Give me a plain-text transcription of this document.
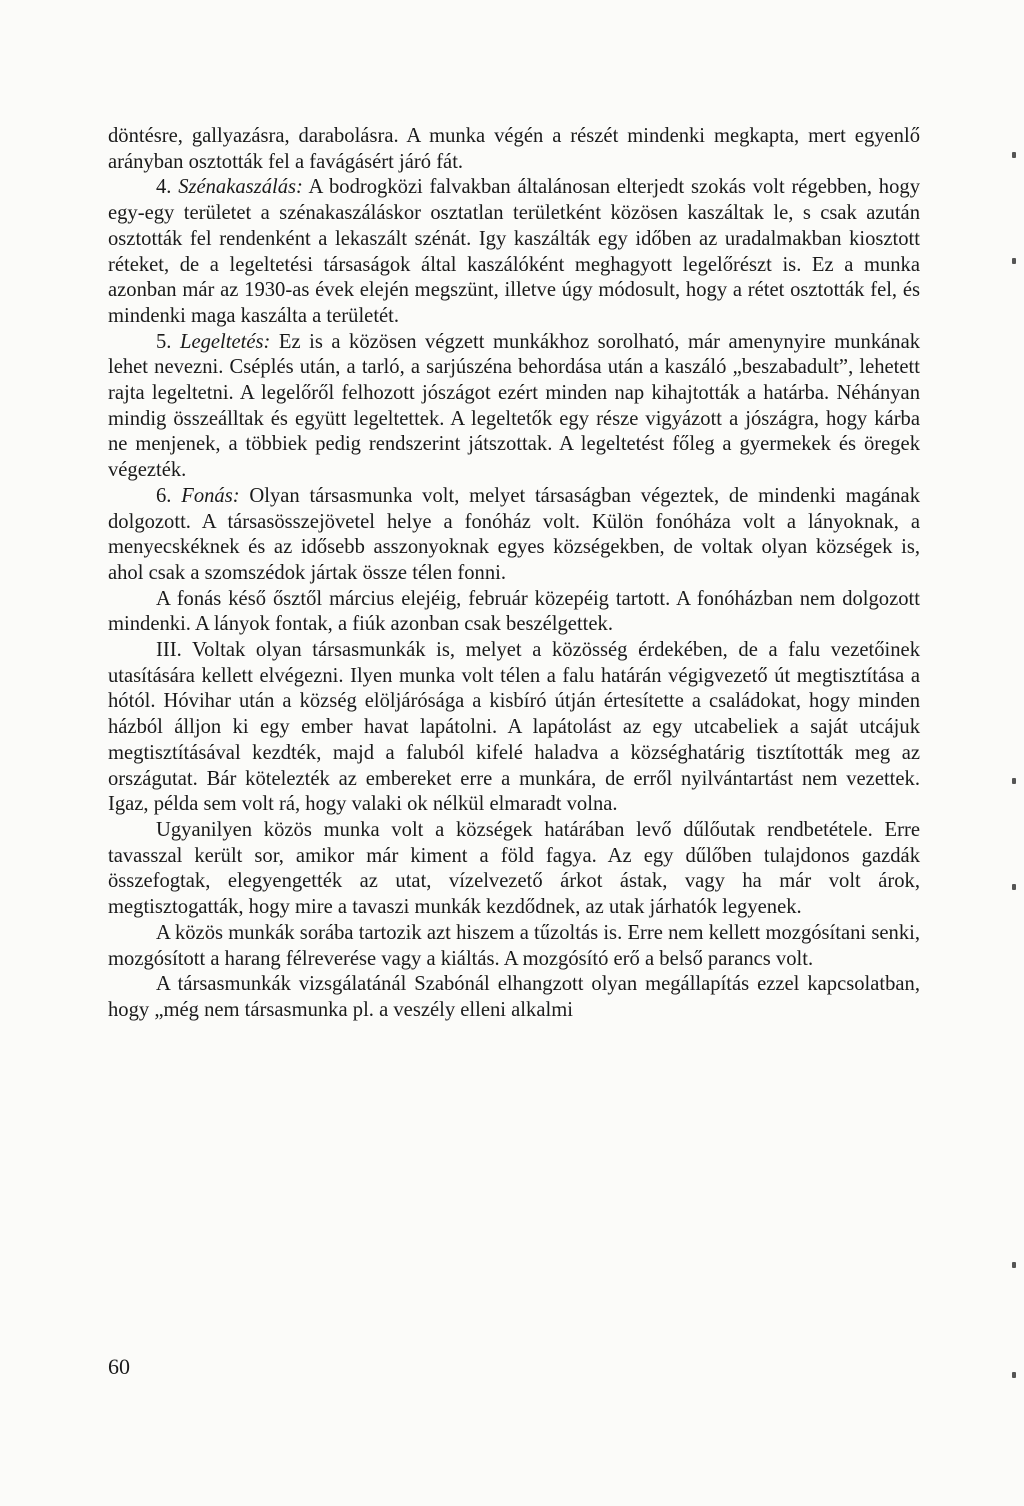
döntésre, gallyazásra, darabolásra. A munka végén a részét mindenki megkapta, mert egyenlő arányban osztották fel a favágásért járó fát.

4. Szénakaszálás: A bodrogközi falvakban általánosan elterjedt szokás volt régebben, hogy egy-egy területet a szénakaszáláskor osztatlan területként közösen kaszáltak le, s csak azután osztották fel rendenként a lekaszált szénát. Igy kaszálták egy időben az uradalmakban kiosztott réteket, de a legeltetési társaságok által kaszálóként meghagyott legelőrészt is. Ez a munka azonban már az 1930-as évek elején megszünt, illetve úgy módosult, hogy a rétet osztották fel, és mindenki maga kaszálta a területét.

5. Legeltetés: Ez is a közösen végzett munkákhoz sorolható, már amenynyire munkának lehet nevezni. Cséplés után, a tarló, a sarjúszéna behordása után a kaszáló „beszabadult”, lehetett rajta legeltetni. A legelőről felhozott jószágot ezért minden nap kihajtották a határba. Néhányan mindig összeálltak és együtt legeltettek. A legeltetők egy része vigyázott a jószágra, hogy kárba ne menjenek, a többiek pedig rendszerint játszottak. A legeltetést főleg a gyermekek és öregek végezték.

6. Fonás: Olyan társasmunka volt, melyet társaságban végeztek, de mindenki magának dolgozott. A társasösszejövetel helye a fonóház volt. Külön fonóháza volt a lányoknak, a menyecskéknek és az idősebb asszonyoknak egyes községekben, de voltak olyan községek is, ahol csak a szomszédok jártak össze télen fonni.

A fonás késő ősztől március elejéig, február közepéig tartott. A fonóházban nem dolgozott mindenki. A lányok fontak, a fiúk azonban csak beszélgettek.

III. Voltak olyan társasmunkák is, melyet a közösség érdekében, de a falu vezetőinek utasítására kellett elvégezni. Ilyen munka volt télen a falu határán végigvezető út megtisztítása a hótól. Hóvihar után a község elöljárósága a kisbíró útján értesítette a családokat, hogy minden házból álljon ki egy ember havat lapátolni. A lapátolást az egy utcabeliek a saját utcájuk megtisztításával kezdték, majd a faluból kifelé haladva a községhatárig tisztították meg az országutat. Bár kötelezték az embereket erre a munkára, de erről nyilvántartást nem vezettek. Igaz, példa sem volt rá, hogy valaki ok nélkül elmaradt volna.

Ugyanilyen közös munka volt a községek határában levő dűlőutak rendbetétele. Erre tavasszal került sor, amikor már kiment a föld fagya. Az egy dűlőben tulajdonos gazdák összefogtak, elegyengették az utat, vízelvezető árkot ástak, vagy ha már volt árok, megtisztogatták, hogy mire a tavaszi munkák kezdődnek, az utak járhatók legyenek.

A közös munkák sorába tartozik azt hiszem a tűzoltás is. Erre nem kellett mozgósítani senki, mozgósított a harang félreverése vagy a kiáltás. A mozgósító erő a belső parancs volt.

A társasmunkák vizsgálatánál Szabónál elhangzott olyan megállapítás ezzel kapcsolatban, hogy „még nem társasmunka pl. a veszély elleni alkalmi

60
